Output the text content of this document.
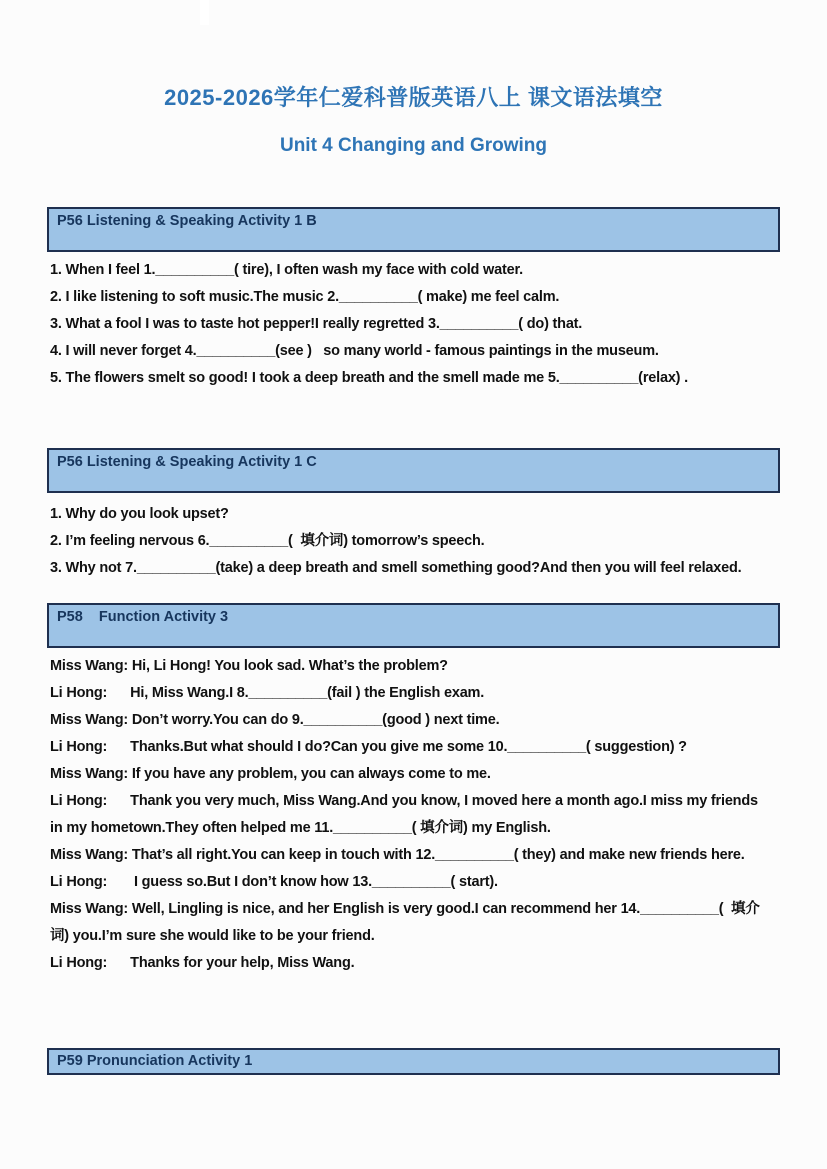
2025-2026学年仁爱科普版英语八上 课文语法填空
Unit 4 Changing and Growing
P56 Listening & Speaking Activity 1 B

1. When I feel 1.__________( tire), I often wash my face with cold water.

2. I like listening to soft music.The music 2.__________( make) me feel calm.

3. What a fool I was to taste hot pepper!I really regretted 3.__________( do) that.

4. I will never forget 4.__________(see )   so many world - famous paintings in the museum.

5. The flowers smelt so good! I took a deep breath and the smell made me 5.__________(relax) .

P56 Listening & Speaking Activity 1 C

1. Why do you look upset?

2. I’m feeling nervous 6.__________(  填介词) tomorrow’s speech.

3. Why not 7.__________(take) a deep breath and smell something good?And then you will feel relaxed.

P58    Function Activity 3

Miss Wang: Hi, Li Hong! You look sad. What’s the problem?

Li Hong:      Hi, Miss Wang.I 8.__________(fail ) the English exam.

Miss Wang: Don’t worry.You can do 9.__________(good ) next time.

Li Hong:      Thanks.But what should I do?Can you give me some 10.__________( suggestion) ?

Miss Wang: If you have any problem, you can always come to me.

Li Hong:      Thank you very much, Miss Wang.And you know, I moved here a month ago.I miss my friends

in my hometown.They often helped me 11.__________( 填介词) my English.

Miss Wang: That’s all right.You can keep in touch with 12.__________( they) and make new friends here.

Li Hong:       I guess so.But I don’t know how 13.__________( start).

Miss Wang: Well, Lingling is nice, and her English is very good.I can recommend her 14.__________(  填介

词) you.I’m sure she would like to be your friend.

Li Hong:      Thanks for your help, Miss Wang.

P59 Pronunciation Activity 1
